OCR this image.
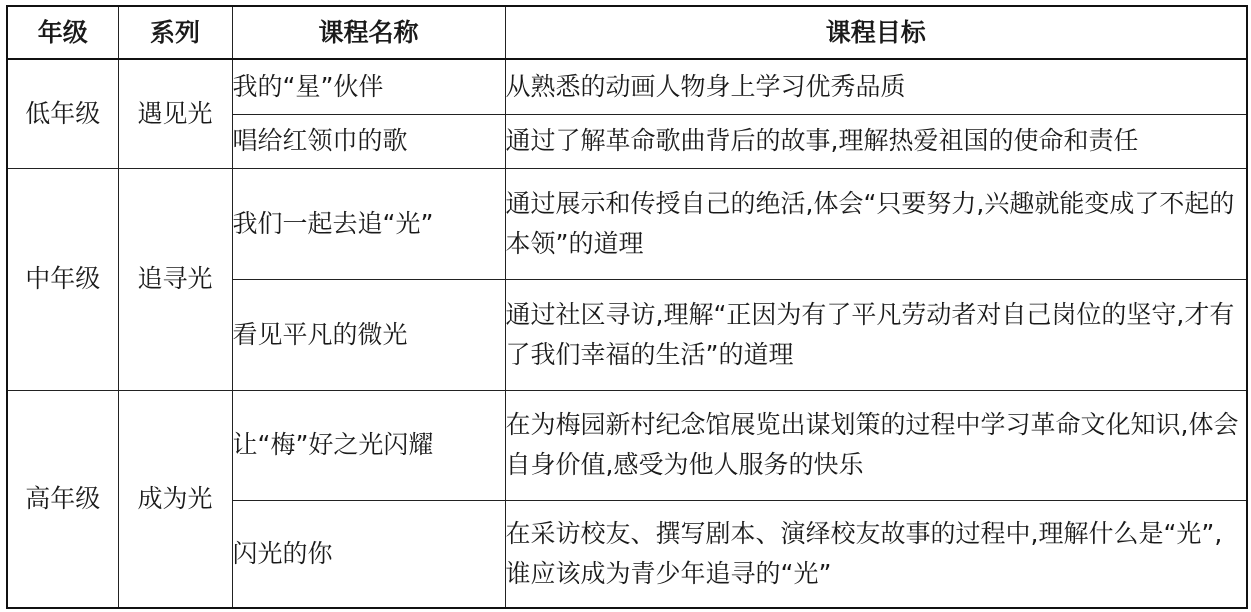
年级	系列	课程名称	课程目标
低年级	遇见光	我的“星”伙伴	从熟悉的动画人物身上学习优秀品质
		唱给红领巾的歌	通过了解革命歌曲背后的故事,理解热爱祖国的使命和责任
中年级	追寻光	我们一起去追“光”	通过展示和传授自己的绝活,体会“只要努力,兴趣就能变成了不起的本领”的道理
		看见平凡的微光	通过社区寻访,理解“正因为有了平凡劳动者对自己岗位的坚守,才有了我们幸福的生活”的道理
高年级	成为光	让“梅”好之光闪耀	在为梅园新村纪念馆展览出谋划策的过程中学习革命文化知识,体会自身价值,感受为他人服务的快乐
		闪光的你	在采访校友、撰写剧本、演绎校友故事的过程中,理解什么是“光”,谁应该成为青少年追寻的“光”
